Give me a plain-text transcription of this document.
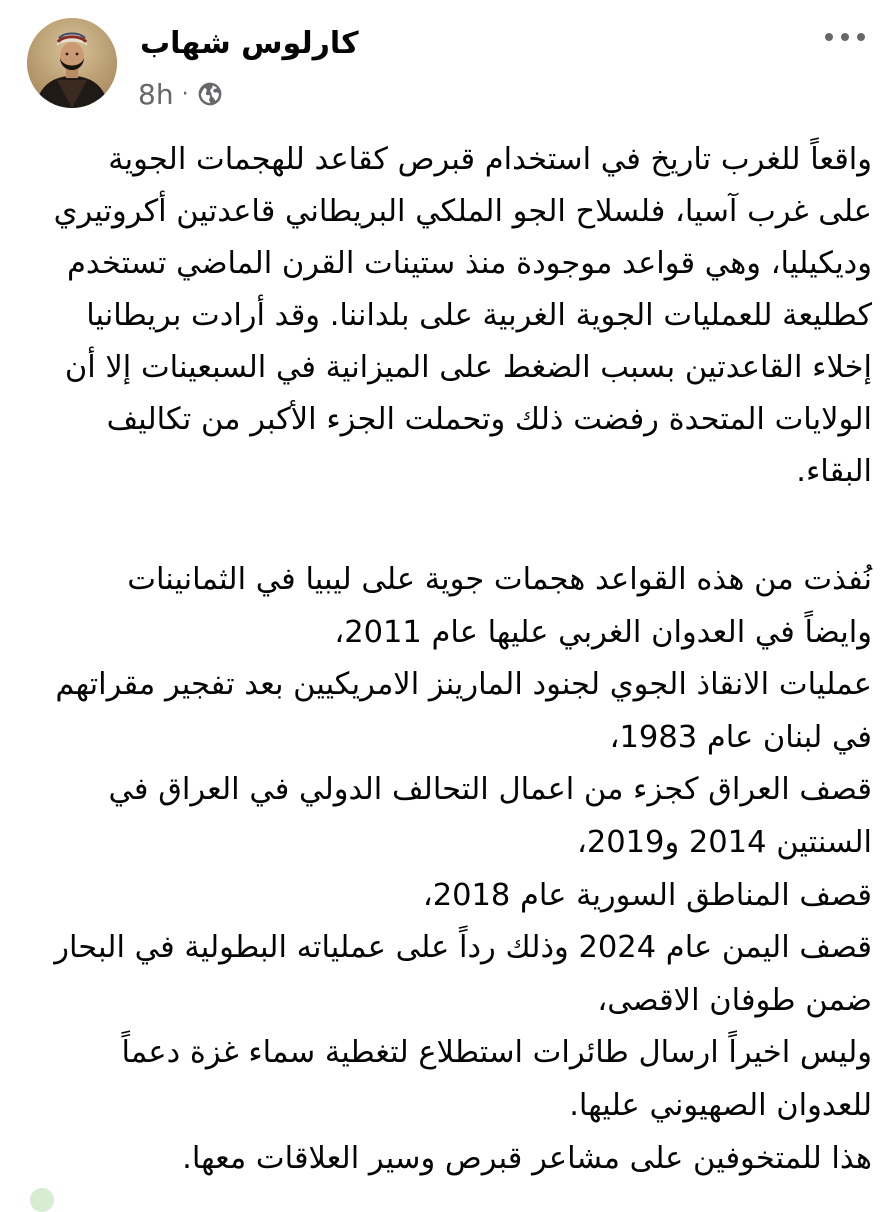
كارلوس شهاب
8h ·
واقعاً للغرب تاريخ في استخدام قبرص كقاعد للهجمات الجوية
على غرب آسيا، فلسلاح الجو الملكي البريطاني قاعدتين أكروتيري
وديكيليا، وهي قواعد موجودة منذ ستينات القرن الماضي تستخدم
كطليعة للعمليات الجوية الغربية على بلداننا. وقد أرادت بريطانيا
إخلاء القاعدتين بسبب الضغط على الميزانية في السبعينات إلا أن
الولايات المتحدة رفضت ذلك وتحملت الجزء الأكبر من تكاليف
البقاء.
نُفذت من هذه القواعد هجمات جوية على ليبيا في الثمانينات
وايضاً في العدوان الغربي عليها عام 2011،
عمليات الانقاذ الجوي لجنود المارينز الامريكيين بعد تفجير مقراتهم
في لبنان عام 1983،
قصف العراق كجزء من اعمال التحالف الدولي في العراق في
السنتين 2014 و2019،
قصف المناطق السورية عام 2018،
قصف اليمن عام 2024 وذلك رداً على عملياته البطولية في البحار
ضمن طوفان الاقصى،
وليس اخيراً ارسال طائرات استطلاع لتغطية سماء غزة دعماً
للعدوان الصهيوني عليها.
هذا للمتخوفين على مشاعر قبرص وسير العلاقات معها.
